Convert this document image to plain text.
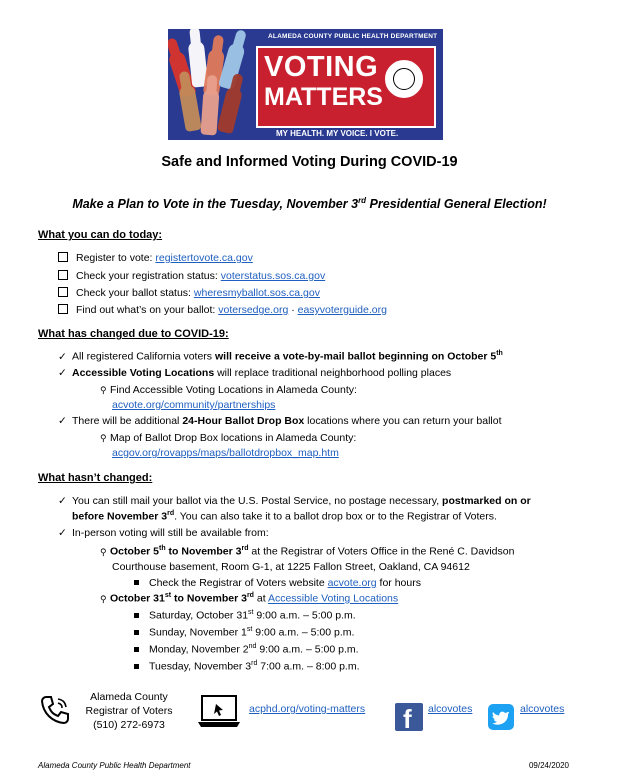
ALAMEDA COUNTY PUBLIC HEALTH DEPARTMENT
VOTING
MATTERS
MY HEALTH. MY VOICE. I VOTE.
Safe and Informed Voting During COVID-19
Make a Plan to Vote in the Tuesday, November 3rd Presidential General Election!
What you can do today:
Register to vote: registertovote.ca.gov
Check your registration status: voterstatus.sos.ca.gov
Check your ballot status: wheresmyballot.sos.ca.gov
Find out what’s on your ballot: votersedge.org · easyvoterguide.org
What has changed due to COVID-19:
✓ All registered California voters will receive a vote-by-mail ballot beginning on October 5th
✓ Accessible Voting Locations will replace traditional neighborhood polling places
⚲ Find Accessible Voting Locations in Alameda County:
acvote.org/community/partnerships
✓ There will be additional 24-Hour Ballot Drop Box locations where you can return your ballot
⚲ Map of Ballot Drop Box locations in Alameda County:
acgov.org/rovapps/maps/ballotdropbox_map.htm
What hasn’t changed:
✓ You can still mail your ballot via the U.S. Postal Service, no postage necessary, postmarked on or
before November 3rd. You can also take it to a ballot drop box or to the Registrar of Voters.
✓ In-person voting will still be available from:
⚲ October 5th to November 3rd at the Registrar of Voters Office in the René C. Davidson
Courthouse basement, Room G-1, at 1225 Fallon Street, Oakland, CA 94612
Check the Registrar of Voters website acvote.org for hours
⚲ October 31st to November 3rd at Accessible Voting Locations
Saturday, October 31st 9:00 a.m. – 5:00 p.m.
Sunday, November 1st 9:00 a.m. – 5:00 p.m.
Monday, November 2nd 9:00 a.m. – 5:00 p.m.
Tuesday, November 3rd 7:00 a.m. – 8:00 p.m.
Alameda County
Registrar of Voters
(510) 272-6973
acphd.org/voting-matters f alcovotes	alcovotes
Alameda County Public Health Department	09/24/2020
